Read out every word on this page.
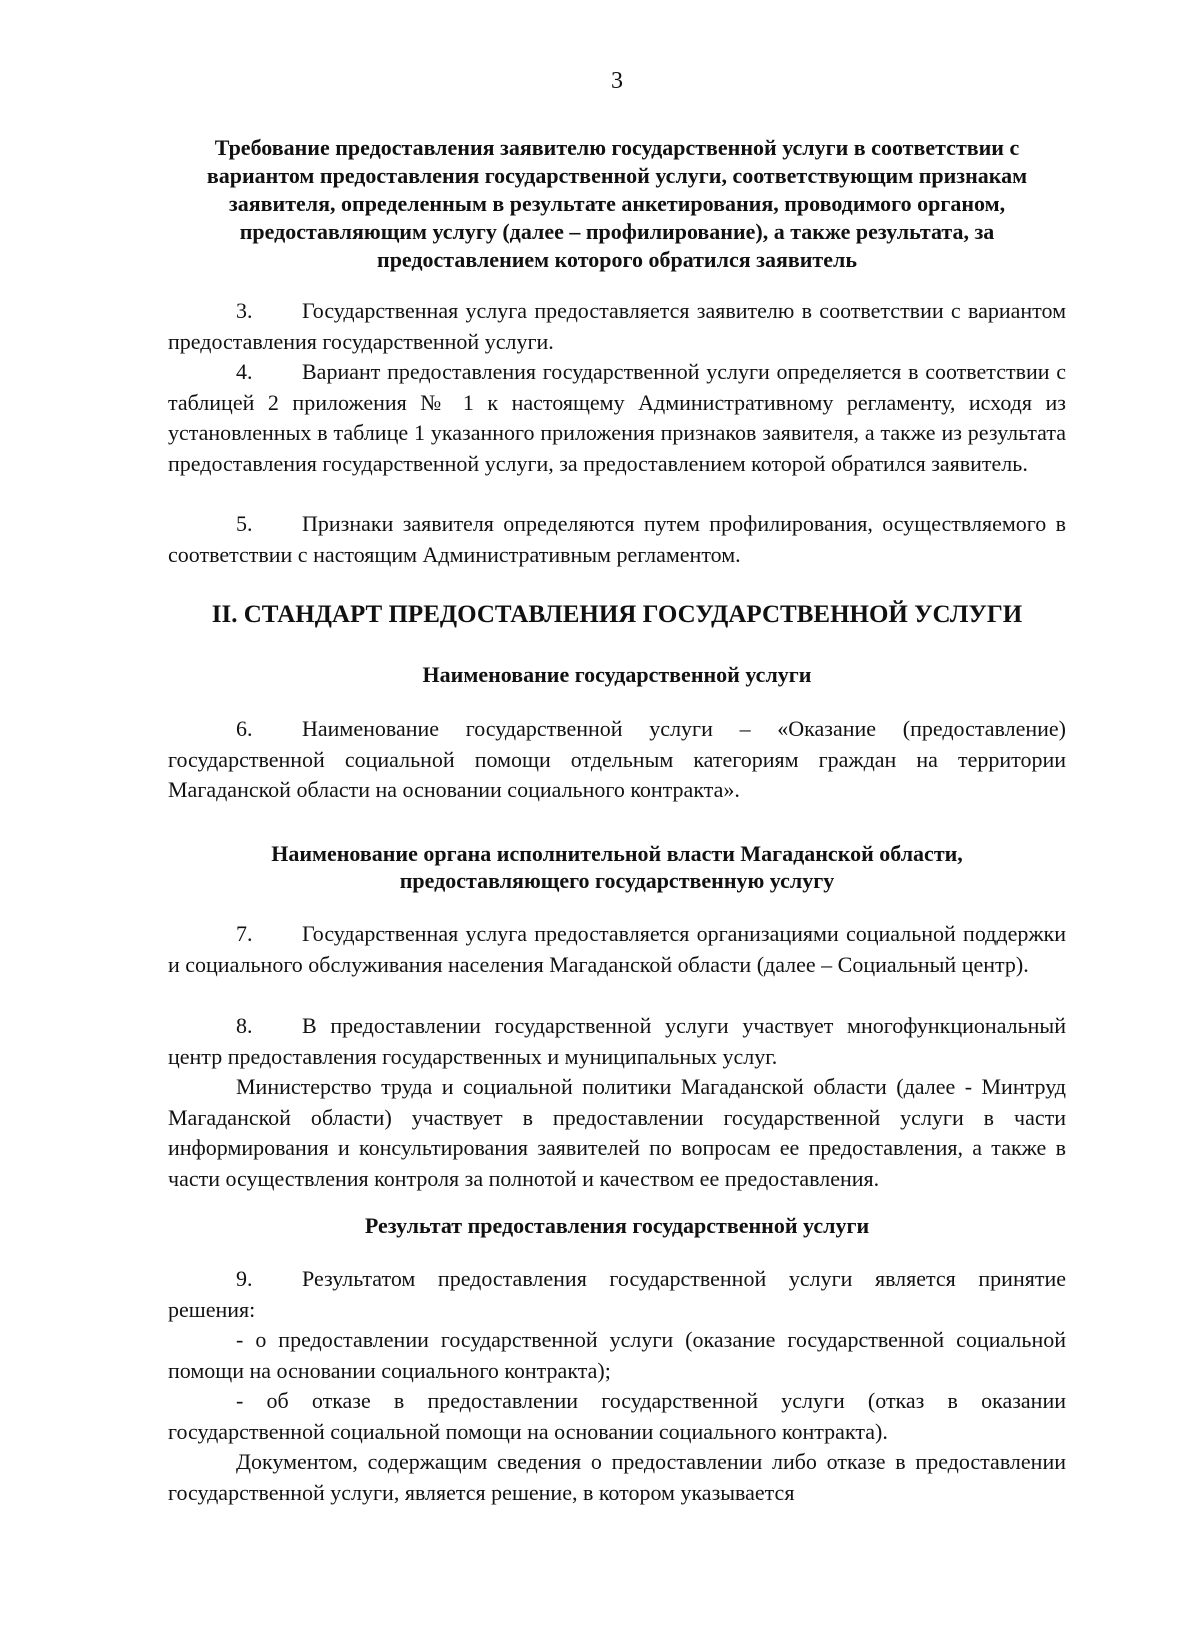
3
Требование предоставления заявителю государственной услуги в соответствии с вариантом предоставления государственной услуги, соответствующим признакам заявителя, определенным в результате анкетирования, проводимого органом, предоставляющим услугу (далее – профилирование), а также результата, за предоставлением которого обратился заявитель
3. Государственная услуга предоставляется заявителю в соответствии с вариантом предоставления государственной услуги.
4. Вариант предоставления государственной услуги определяется в соответствии с таблицей 2 приложения № 1 к настоящему Административному регламенту, исходя из установленных в таблице 1 указанного приложения признаков заявителя, а также из результата предоставления государственной услуги, за предоставлением которой обратился заявитель.
5. Признаки заявителя определяются путем профилирования, осуществляемого в соответствии с настоящим Административным регламентом.
II. СТАНДАРТ ПРЕДОСТАВЛЕНИЯ ГОСУДАРСТВЕННОЙ УСЛУГИ
Наименование государственной услуги
6. Наименование государственной услуги – «Оказание (предоставление) государственной социальной помощи отдельным категориям граждан на территории Магаданской области на основании социального контракта».
Наименование органа исполнительной власти Магаданской области,
предоставляющего государственную услугу
7. Государственная услуга предоставляется организациями социальной поддержки и социального обслуживания населения Магаданской области (далее – Социальный центр).
8. В предоставлении государственной услуги участвует многофункциональный центр предоставления государственных и муниципальных услуг.
Министерство труда и социальной политики Магаданской области (далее - Минтруд Магаданской области) участвует в предоставлении государственной услуги в части информирования и консультирования заявителей по вопросам ее предоставления, а также в части осуществления контроля за полнотой и качеством ее предоставления.
Результат предоставления государственной услуги
9. Результатом предоставления государственной услуги является принятие решения:
- о предоставлении государственной услуги (оказание государственной социальной помощи на основании социального контракта);
- об отказе в предоставлении государственной услуги (отказ в оказании государственной социальной помощи на основании социального контракта).
Документом, содержащим сведения о предоставлении либо отказе в предоставлении государственной услуги, является решение, в котором указывается
